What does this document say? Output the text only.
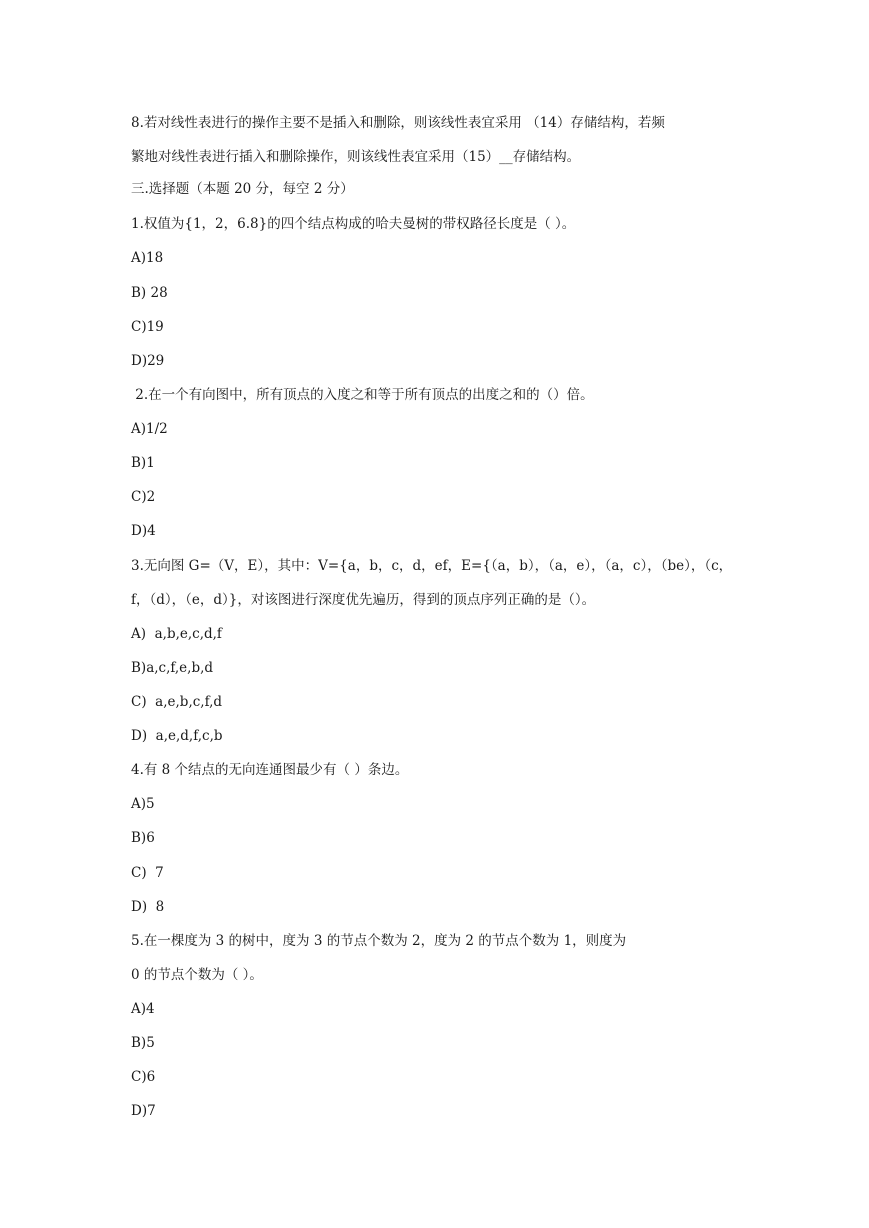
8.若对线性表进行的操作主要不是插入和删除，则该线性表宜采用 （14）存储结构，若频
繁地对线性表进行插入和删除操作，则该线性表宜采用（15）__存储结构。
三.选择题（本题 20 分，每空 2 分）
1.权值为{1，2，6.8}的四个结点构成的哈夫曼树的带权路径长度是（ ）。
A)18
B) 28
C)19
D)29
2.在一个有向图中，所有顶点的入度之和等于所有顶点的出度之和的（）倍。
A)1/2
B)1
C)2
D)4
3.无向图 G=（V，E），其中：V={a，b，c，d，ef，E={（a，b），（a，e），（a，c），（be），（c，
f，（d），（e，d）}，对该图进行深度优先遍历，得到的顶点序列正确的是（）。
A)  a,b,e,c,d,f
B)a,c,f,e,b,d
C)  a,e,b,c,f,d
D)  a,e,d,f,c,b
4.有 8 个结点的无向连通图最少有（ ）条边。
A)5
B)6
C)  7
D)  8
5.在一棵度为 3 的树中，度为 3 的节点个数为 2，度为 2 的节点个数为 1，则度为
0 的节点个数为（ ）。
A)4
B)5
C)6
D)7
